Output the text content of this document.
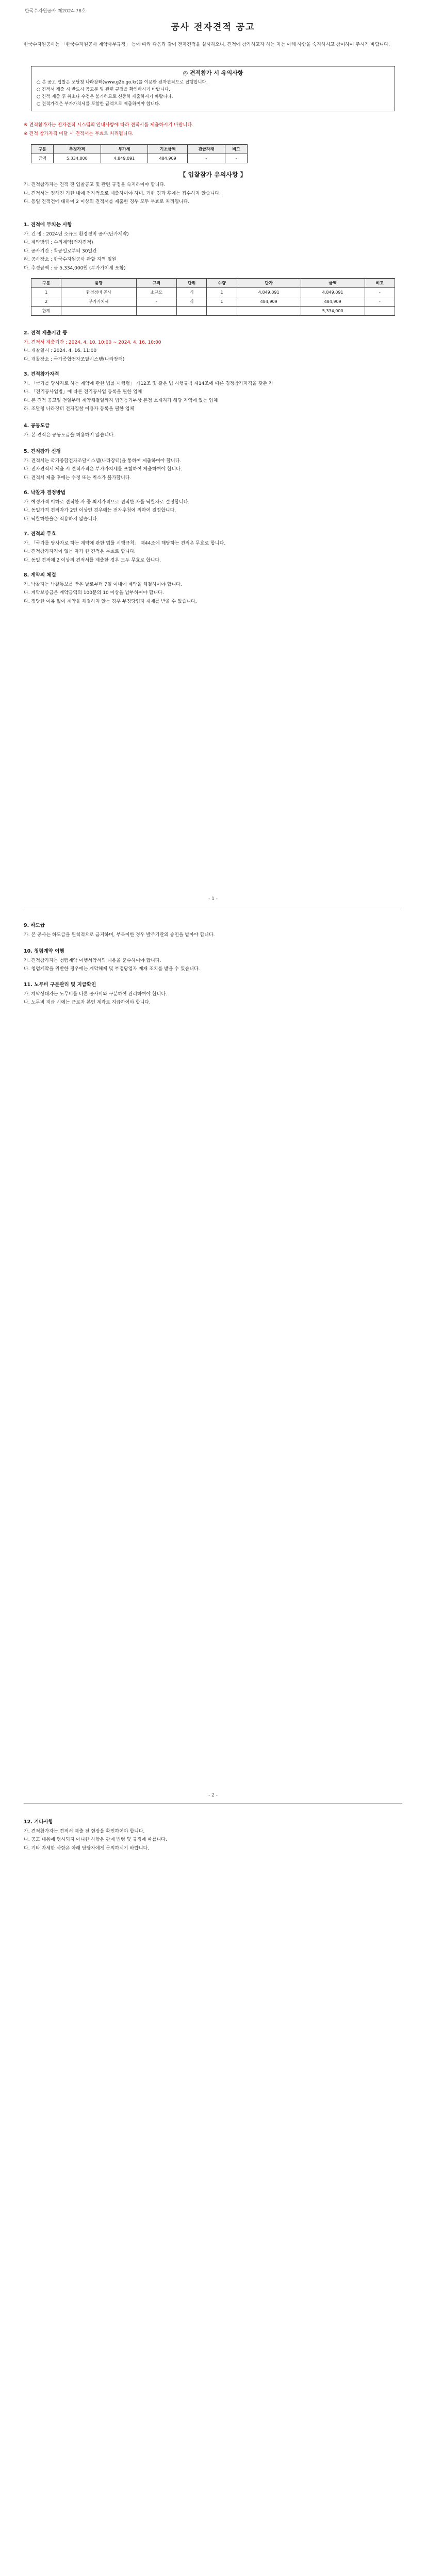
한국수자원공사 제2024-78호
공사 전자견적 공고

한국수자원공사는 「한국수자원공사 계약사무규정」 등에 따라 다음과 같이 전자견적을 실시하오니, 견적에 참가하고자 하는 자는 아래 사항을 숙지하시고 참여하여 주시기 바랍니다.

◎ 견적참가 시 유의사항
○ 본 공고 입찰은 조달청 나라장터(www.g2b.go.kr)를 이용한 전자견적으로 집행합니다.
○ 견적서 제출 시 반드시 공고문 및 관련 규정을 확인하시기 바랍니다.
○ 견적 제출 후 취소나 수정은 불가하므로 신중히 제출하시기 바랍니다.
○ 견적가격은 부가가치세를 포함한 금액으로 제출하여야 합니다.

※ 견적참가자는 전자견적 시스템의 안내사항에 따라 견적서를 제출하시기 바랍니다.

※ 견적 참가자격 미달 시 견적서는 무효로 처리됩니다.

구분	추정가격	부가세	기초금액	관급자재	비고
금액	5,334,000	4,849,091	484,909	-	-
【 입찰참가 유의사항 】

가. 견적참가자는 견적 전 입찰공고 및 관련 규정을 숙지하여야 합니다.

나. 견적서는 정해진 기한 내에 전자적으로 제출하여야 하며, 기한 경과 후에는 접수하지 않습니다.

다. 동일 견적건에 대하여 2 이상의 견적서를 제출한 경우 모두 무효로 처리됩니다.

1. 견적에 부치는 사항

가. 건 명 : 2024년 소규모 환경정비 공사(단가계약)

나. 계약방법 : 수의계약(전자견적)

다. 공사기간 : 착공일로부터 30일간

라. 공사장소 : 한국수자원공사 관할 지역 일원

마. 추정금액 : 금 5,334,000원 (부가가치세 포함)

구분	품명	규격	단위	수량	단가	금액	비고
1	환경정비 공사	소규모	식	1	4,849,091	4,849,091	-
2	부가가치세	-	식	1	484,909	484,909	-
합계						5,334,000	
2. 견적 제출기간 등

가. 견적서 제출기간 : 2024. 4. 10. 10:00 ~ 2024. 4. 16. 10:00

나. 개찰일시 : 2024. 4. 16. 11:00

다. 개찰장소 : 국가종합전자조달시스템(나라장터)

3. 견적참가자격

가. 「국가를 당사자로 하는 계약에 관한 법률 시행령」 제12조 및 같은 법 시행규칙 제14조에 따른 경쟁참가자격을 갖춘 자

나. 「전기공사업법」에 따른 전기공사업 등록을 필한 업체

다. 본 견적 공고일 전일부터 계약체결일까지 법인등기부상 본점 소재지가 해당 지역에 있는 업체

라. 조달청 나라장터 전자입찰 이용자 등록을 필한 업체

4. 공동도급

가. 본 견적은 공동도급을 허용하지 않습니다.

5. 견적참가 신청

가. 견적서는 국가종합전자조달시스템(나라장터)을 통하여 제출하여야 합니다.

나. 전자견적서 제출 시 견적가격은 부가가치세를 포함하여 제출하여야 합니다.

다. 견적서 제출 후에는 수정 또는 취소가 불가합니다.

6. 낙찰자 결정방법

가. 예정가격 이하로 견적한 자 중 최저가격으로 견적한 자를 낙찰자로 결정합니다.

나. 동일가격 견적자가 2인 이상인 경우에는 전자추첨에 의하여 결정합니다.

다. 낙찰하한율은 적용하지 않습니다.

7. 견적의 무효

가. 「국가를 당사자로 하는 계약에 관한 법률 시행규칙」 제44조에 해당하는 견적은 무효로 합니다.

나. 견적참가자격이 없는 자가 한 견적은 무효로 합니다.

다. 동일 견적에 2 이상의 견적서를 제출한 경우 모두 무효로 합니다.

8. 계약의 체결

가. 낙찰자는 낙찰통보를 받은 날로부터 7일 이내에 계약을 체결하여야 합니다.

나. 계약보증금은 계약금액의 100분의 10 이상을 납부하여야 합니다.

다. 정당한 이유 없이 계약을 체결하지 않는 경우 부정당업자 제재를 받을 수 있습니다.

- 1 -
9. 하도급

가. 본 공사는 하도급을 원칙적으로 금지하며, 부득이한 경우 발주기관의 승인을 받아야 합니다.

10. 청렴계약 이행

가. 견적참가자는 청렴계약 이행서약서의 내용을 준수하여야 합니다.

나. 청렴계약을 위반한 경우에는 계약해제 및 부정당업자 제재 조치를 받을 수 있습니다.

11. 노무비 구분관리 및 지급확인

가. 계약상대자는 노무비를 다른 공사비와 구분하여 관리하여야 합니다.

나. 노무비 지급 시에는 근로자 본인 계좌로 지급하여야 합니다.

- 2 -
12. 기타사항

가. 견적참가자는 견적서 제출 전 현장을 확인하여야 합니다.

나. 공고 내용에 명시되지 아니한 사항은 관계 법령 및 규정에 따릅니다.

다. 기타 자세한 사항은 아래 담당자에게 문의하시기 바랍니다.
